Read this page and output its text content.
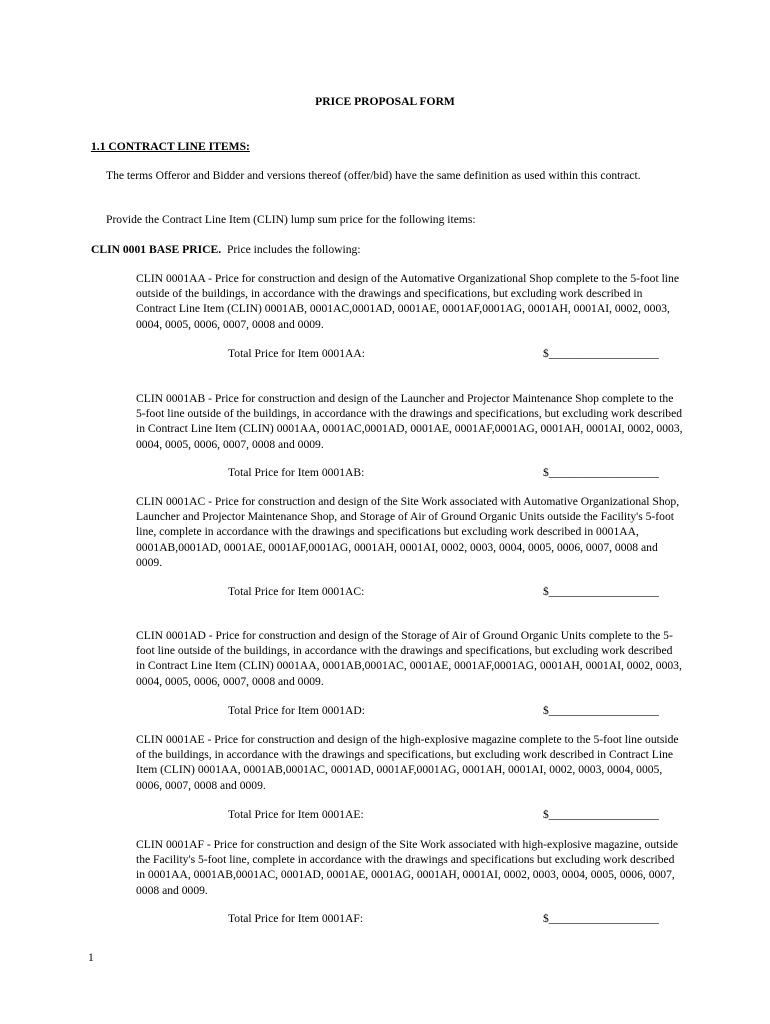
PRICE PROPOSAL FORM
1.1 CONTRACT LINE ITEMS:
The terms Offeror and Bidder and versions thereof (offer/bid) have the same definition as used within this contract.
Provide the Contract Line Item (CLIN) lump sum price for the following items:
CLIN 0001 BASE PRICE.  Price includes the following:
CLIN 0001AA - Price for construction and design of the Automative Organizational Shop complete to the 5-foot line outside of the buildings, in accordance with the drawings and specifications, but excluding work described in Contract Line Item (CLIN) 0001AB, 0001AC,0001AD, 0001AE, 0001AF,0001AG, 0001AH, 0001AI, 0002, 0003, 0004, 0005, 0006, 0007, 0008 and 0009.
Total Price for Item 0001AA:	$___________________
CLIN 0001AB - Price for construction and design of the Launcher and Projector Maintenance Shop complete to the 5-foot line outside of the buildings, in accordance with the drawings and specifications, but excluding work described in Contract Line Item (CLIN) 0001AA, 0001AC,0001AD, 0001AE, 0001AF,0001AG, 0001AH, 0001AI, 0002, 0003, 0004, 0005, 0006, 0007, 0008 and 0009.
Total Price for Item 0001AB:	$___________________
CLIN 0001AC - Price for construction and design of the Site Work associated with Automative Organizational Shop, Launcher and Projector Maintenance Shop, and Storage of Air of Ground Organic Units outside the Facility's 5-foot line, complete in accordance with the drawings and specifications but excluding work described in 0001AA, 0001AB,0001AD, 0001AE, 0001AF,0001AG, 0001AH, 0001AI, 0002, 0003, 0004, 0005, 0006, 0007, 0008 and 0009.
Total Price for Item 0001AC:	$___________________
CLIN 0001AD - Price for construction and design of the Storage of Air of Ground Organic Units complete to the 5-foot line outside of the buildings, in accordance with the drawings and specifications, but excluding work described in Contract Line Item (CLIN) 0001AA, 0001AB,0001AC, 0001AE, 0001AF,0001AG, 0001AH, 0001AI, 0002, 0003, 0004, 0005, 0006, 0007, 0008 and 0009.
Total Price for Item 0001AD:	$___________________
CLIN 0001AE - Price for construction and design of the high-explosive magazine complete to the 5-foot line outside of the buildings, in accordance with the drawings and specifications, but excluding work described in Contract Line Item (CLIN) 0001AA, 0001AB,0001AC, 0001AD, 0001AF,0001AG, 0001AH, 0001AI, 0002, 0003, 0004, 0005, 0006, 0007, 0008 and 0009.
Total Price for Item 0001AE:	$___________________
CLIN 0001AF - Price for construction and design of the Site Work associated with high-explosive magazine, outside the Facility's 5-foot line, complete in accordance with the drawings and specifications but excluding work described in 0001AA, 0001AB,0001AC, 0001AD, 0001AE, 0001AG, 0001AH, 0001AI, 0002, 0003, 0004, 0005, 0006, 0007, 0008 and 0009.
Total Price for Item 0001AF:	$___________________
1
